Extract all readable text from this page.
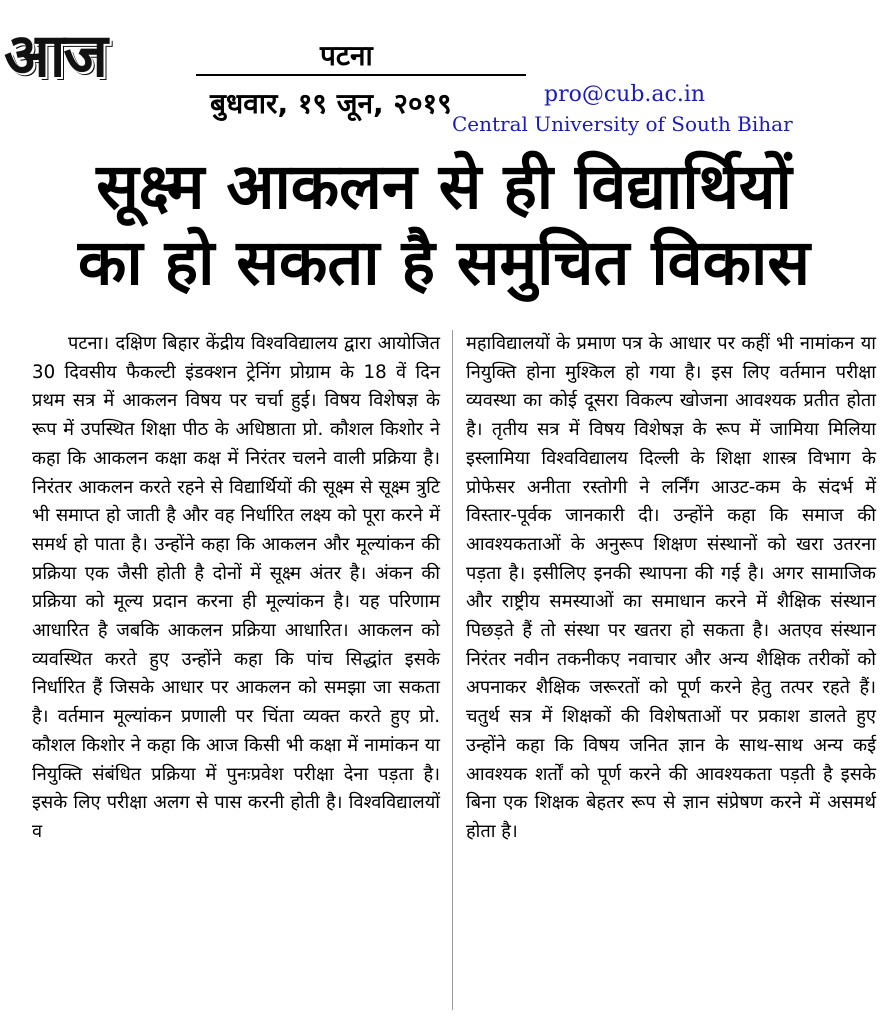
आज	पटना
बुधवार, १९ जून, २०१९	pro@cub.ac.in
Central University of South Bihar
सूक्ष्म आकलन से ही विद्यार्थियों
का हो सकता है समुचित विकास

पटना। दक्षिण बिहार केंद्रीय विश्वविद्यालय द्वारा आयोजित 30 दिवसीय फैकल्टी इंडक्शन ट्रेनिंग प्रोग्राम के 18 वें दिन प्रथम सत्र में आकलन विषय पर चर्चा हुई। विषय विशेषज्ञ के रूप में उपस्थित शिक्षा पीठ के अधिष्ठाता प्रो. कौशल किशोर ने कहा कि आकलन कक्षा कक्ष में निरंतर चलने वाली प्रक्रिया है। निरंतर आकलन करते रहने से विद्यार्थियों की सूक्ष्म से सूक्ष्म त्रुटि भी समाप्त हो जाती है और वह निर्धारित लक्ष्य को पूरा करने में समर्थ हो पाता है। उन्होंने कहा कि आकलन और मूल्यांकन की प्रक्रिया एक जैसी होती है दोनों में सूक्ष्म अंतर है। अंकन की प्रक्रिया को मूल्य प्रदान करना ही मूल्यांकन है। यह परिणाम आधारित है जबकि आकलन प्रक्रिया आधारित। आकलन को व्यवस्थित करते हुए उन्होंने कहा कि पांच सिद्धांत इसके निर्धारित हैं जिसके आधार पर आकलन को समझा जा सकता है। वर्तमान मूल्यांकन प्रणाली पर चिंता व्यक्त करते हुए प्रो. कौशल किशोर ने कहा कि आज किसी भी कक्षा में नामांकन या नियुक्ति संबंधित प्रक्रिया में पुनःप्रवेश परीक्षा देना पड़ता है। इसके लिए परीक्षा अलग से पास करनी होती है। विश्वविद्यालयों व

महाविद्यालयों के प्रमाण पत्र के आधार पर कहीं भी नामांकन या नियुक्ति होना मुश्किल हो गया है। इस लिए वर्तमान परीक्षा व्यवस्था का कोई दूसरा विकल्प खोजना आवश्यक प्रतीत होता है। तृतीय सत्र में विषय विशेषज्ञ के रूप में जामिया मिलिया इस्लामिया विश्वविद्यालय दिल्ली के शिक्षा शास्त्र विभाग के प्रोफेसर अनीता रस्तोगी ने लर्निंग आउट-कम के संदर्भ में विस्तार-पूर्वक जानकारी दी। उन्होंने कहा कि समाज की आवश्यकताओं के अनुरूप शिक्षण संस्थानों को खरा उतरना पड़ता है। इसीलिए इनकी स्थापना की गई है। अगर सामाजिक और राष्ट्रीय समस्याओं का समाधान करने में शैक्षिक संस्थान पिछड़ते हैं तो संस्था पर खतरा हो सकता है। अतएव संस्थान निरंतर नवीन तकनीकए नवाचार और अन्य शैक्षिक तरीकों को अपनाकर शैक्षिक जरूरतों को पूर्ण करने हेतु तत्पर रहते हैं। चतुर्थ सत्र में शिक्षकों की विशेषताओं पर प्रकाश डालते हुए उन्होंने कहा कि विषय जनित ज्ञान के साथ-साथ अन्य कई आवश्यक शर्तों को पूर्ण करने की आवश्यकता पड़ती है इसके बिना एक शिक्षक बेहतर रूप से ज्ञान संप्रेषण करने में असमर्थ होता है।
